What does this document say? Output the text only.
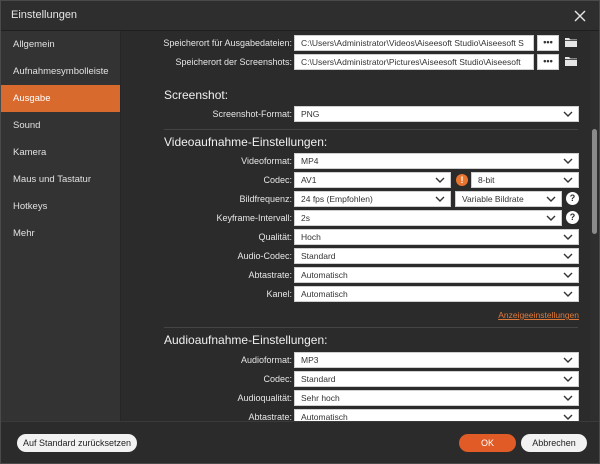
Einstellungen
Allgemein
Aufnahmesymbolleiste
Ausgabe
Sound
Kamera
Maus und Tastatur
Hotkeys
Mehr
Speicherort für Ausgabedateien:	C:\Users\Administrator\Videos\Aiseesoft Studio\Aiseesoft S	•••
Speicherort der Screenshots:	C:\Users\Administrator\Pictures\Aiseesoft Studio\Aiseesoft	•••
Screenshot:
Screenshot-Format:	PNG
Videoaufnahme-Einstellungen:
Videoformat:	MP4
Codec:	AV1	!	8-bit
Bildfrequenz:	24 fps (Empfohlen)	Variable Bildrate	?
Keyframe-Intervall:	2s	?
Qualität:	Hoch
Audio-Codec:	Standard
Abtastrate:	Automatisch
Kanel:	Automatisch
Anzeigeeinstellungen
Audioaufnahme-Einstellungen:
Audioformat:	MP3
Codec:	Standard
Audioqualität:	Sehr hoch
Abtastrate:	Automatisch
Auf Standard zurücksetzen	OK	Abbrechen
